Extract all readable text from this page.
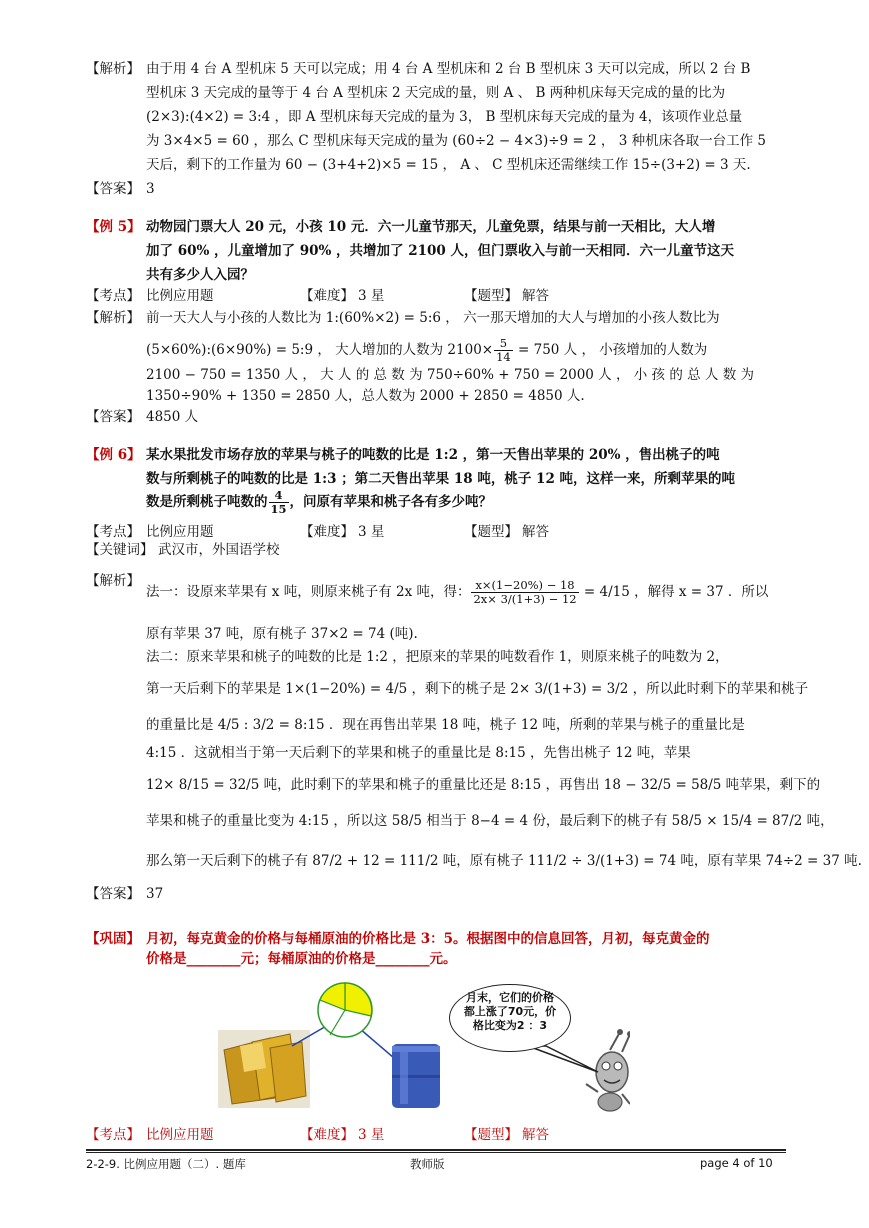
【解析】 由于用 4 台 A 型机床 5 天可以完成；用 4 台 A 型机床和 2 台 B 型机床 3 天可以完成，所以 2 台 B
型机床 3 天完成的量等于 4 台 A 型机床 2 天完成的量，则 A 、 B 两种机床每天完成的量的比为
(2×3):(4×2) = 3:4 ，即 A 型机床每天完成的量为 3， B 型机床每天完成的量为 4，该项作业总量
为 3×4×5 = 60 ，那么 C 型机床每天完成的量为 (60÷2 − 4×3)÷9 = 2 ， 3 种机床各取一台工作 5
天后，剩下的工作量为 60 − (3+4+2)×5 = 15 ， A 、 C 型机床还需继续工作 15÷(3+2) = 3 天.
【答案】 3
【例 5】 动物园门票大人 20 元，小孩 10 元．六一儿童节那天，儿童免票，结果与前一天相比，大人增
加了 60% ，儿童增加了 90% ，共增加了 2100 人，但门票收入与前一天相同．六一儿童节这天
共有多少人入园？
【考点】 比例应用题	【难度】 3 星	【题型】 解答
【解析】 前一天大人与小孩的人数比为 1:(60%×2) = 5:6 ， 六一那天增加的大人与增加的小孩人数比为
(5×60%):(6×90%) = 5:9 ， 大人增加的人数为 $2100\times \frac{5}{14} = 750$ 人 ， 小孩增加的人数为
2100 − 750 = 1350 人 ， 大 人 的 总 数 为 750÷60% + 750 = 2000 人 ， 小 孩 的 总 人 数 为
1350÷90% + 1350 = 2850 人，总人数为 2000 + 2850 = 4850 人.
【答案】 4850 人
【例 6】 某水果批发市场存放的苹果与桃子的吨数的比是 1:2 ，第一天售出苹果的 20% ，售出桃子的吨
数与所剩桃子的吨数的比是 1:3 ；第二天售出苹果 18 吨，桃子 12 吨，这样一来，所剩苹果的吨
数是所剩桃子吨数的 $\frac{4}{15}$ ，问原有苹果和桃子各有多少吨？
【考点】 比例应用题	【难度】 3 星	【题型】 解答
【关键词】 武汉市，外国语学校
【解析】
法一：设原来苹果有 x 吨，则原来桃子有 2x 吨，得： $\frac{x\times(1-20\%) - 18}{2x\times 3/(1+3) - 12} = 4/15$ ，解得 x = 37 ．所以
原有苹果 37 吨，原有桃子 37×2 = 74 (吨).
法二：原来苹果和桃子的吨数的比是 1:2 ，把原来的苹果的吨数看作 1，则原来桃子的吨数为 2，
第一天后剩下的苹果是 1×(1−20%) = 4/5 ，剩下的桃子是 2× 3/(1+3) = 3/2 ，所以此时剩下的苹果和桃子
的重量比是 4/5 : 3/2 = 8:15 ．现在再售出苹果 18 吨，桃子 12 吨，所剩的苹果与桃子的重量比是
4:15 ．这就相当于第一天后剩下的苹果和桃子的重量比是 8:15 ，先售出桃子 12 吨，苹果
12× 8/15 = 32/5 吨，此时剩下的苹果和桃子的重量比还是 8:15 ，再售出 18 − 32/5 = 58/5 吨苹果，剩下的
苹果和桃子的重量比变为 4:15 ，所以这 58/5 相当于 8−4 = 4 份，最后剩下的桃子有 58/5 × 15/4 = 87/2 吨，
那么第一天后剩下的桃子有 87/2 + 12 = 111/2 吨，原有桃子 111/2 ÷ 3/(1+3) = 74 吨，原有苹果 74÷2 = 37 吨.
【答案】 37
【巩固】 月初，每克黄金的价格与每桶原油的价格比是 3：5。根据图中的信息回答，月初，每克黄金的
价格是________元；每桶原油的价格是________元。
月末，它们的价格
都上涨了70元，价
格比变为2 ：3
【考点】 比例应用题	【难度】 3 星	【题型】 解答
2-2-9. 比例应用题（二）. 题库	教师版	page 4 of 10
